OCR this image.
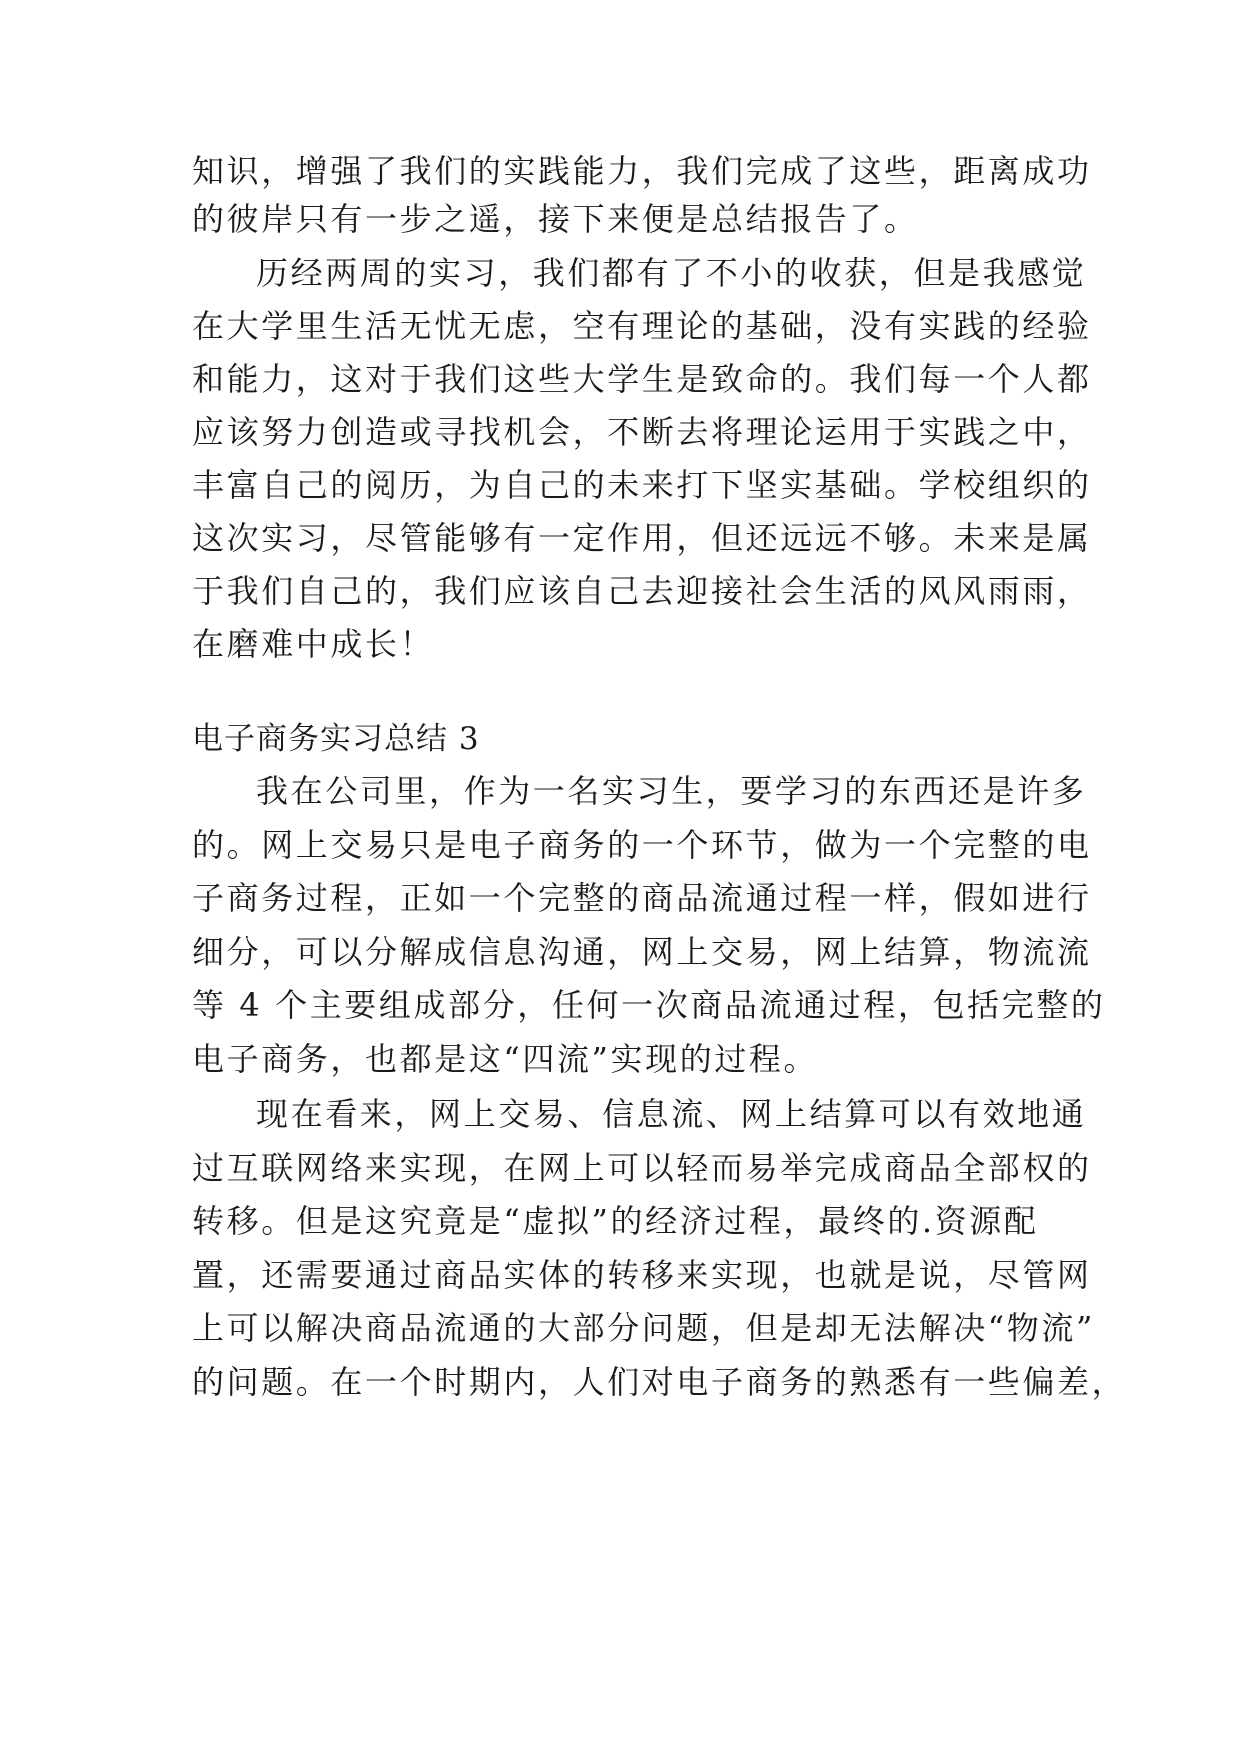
知识，增强了我们的实践能力，我们完成了这些，距离成功
的彼岸只有一步之遥，接下来便是总结报告了。
历经两周的实习，我们都有了不小的收获，但是我感觉
在大学里生活无忧无虑，空有理论的基础，没有实践的经验
和能力，这对于我们这些大学生是致命的。我们每一个人都
应该努力创造或寻找机会，不断去将理论运用于实践之中，
丰富自己的阅历，为自己的未来打下坚实基础。学校组织的
这次实习，尽管能够有一定作用，但还远远不够。未来是属
于我们自己的，我们应该自己去迎接社会生活的风风雨雨，
在磨难中成长！
电子商务实习总结 3
我在公司里，作为一名实习生，要学习的东西还是许多
的。网上交易只是电子商务的一个环节，做为一个完整的电
子商务过程，正如一个完整的商品流通过程一样，假如进行
细分，可以分解成信息沟通，网上交易，网上结算，物流流
等 4 个主要组成部分，任何一次商品流通过程，包括完整的
电子商务，也都是这“四流”实现的过程。
现在看来，网上交易、信息流、网上结算可以有效地通
过互联网络来实现，在网上可以轻而易举完成商品全部权的
转移。但是这究竟是“虚拟”的经济过程，最终的.资源配
置，还需要通过商品实体的转移来实现，也就是说，尽管网
上可以解决商品流通的大部分问题，但是却无法解决“物流”
的问题。在一个时期内，人们对电子商务的熟悉有一些偏差，
